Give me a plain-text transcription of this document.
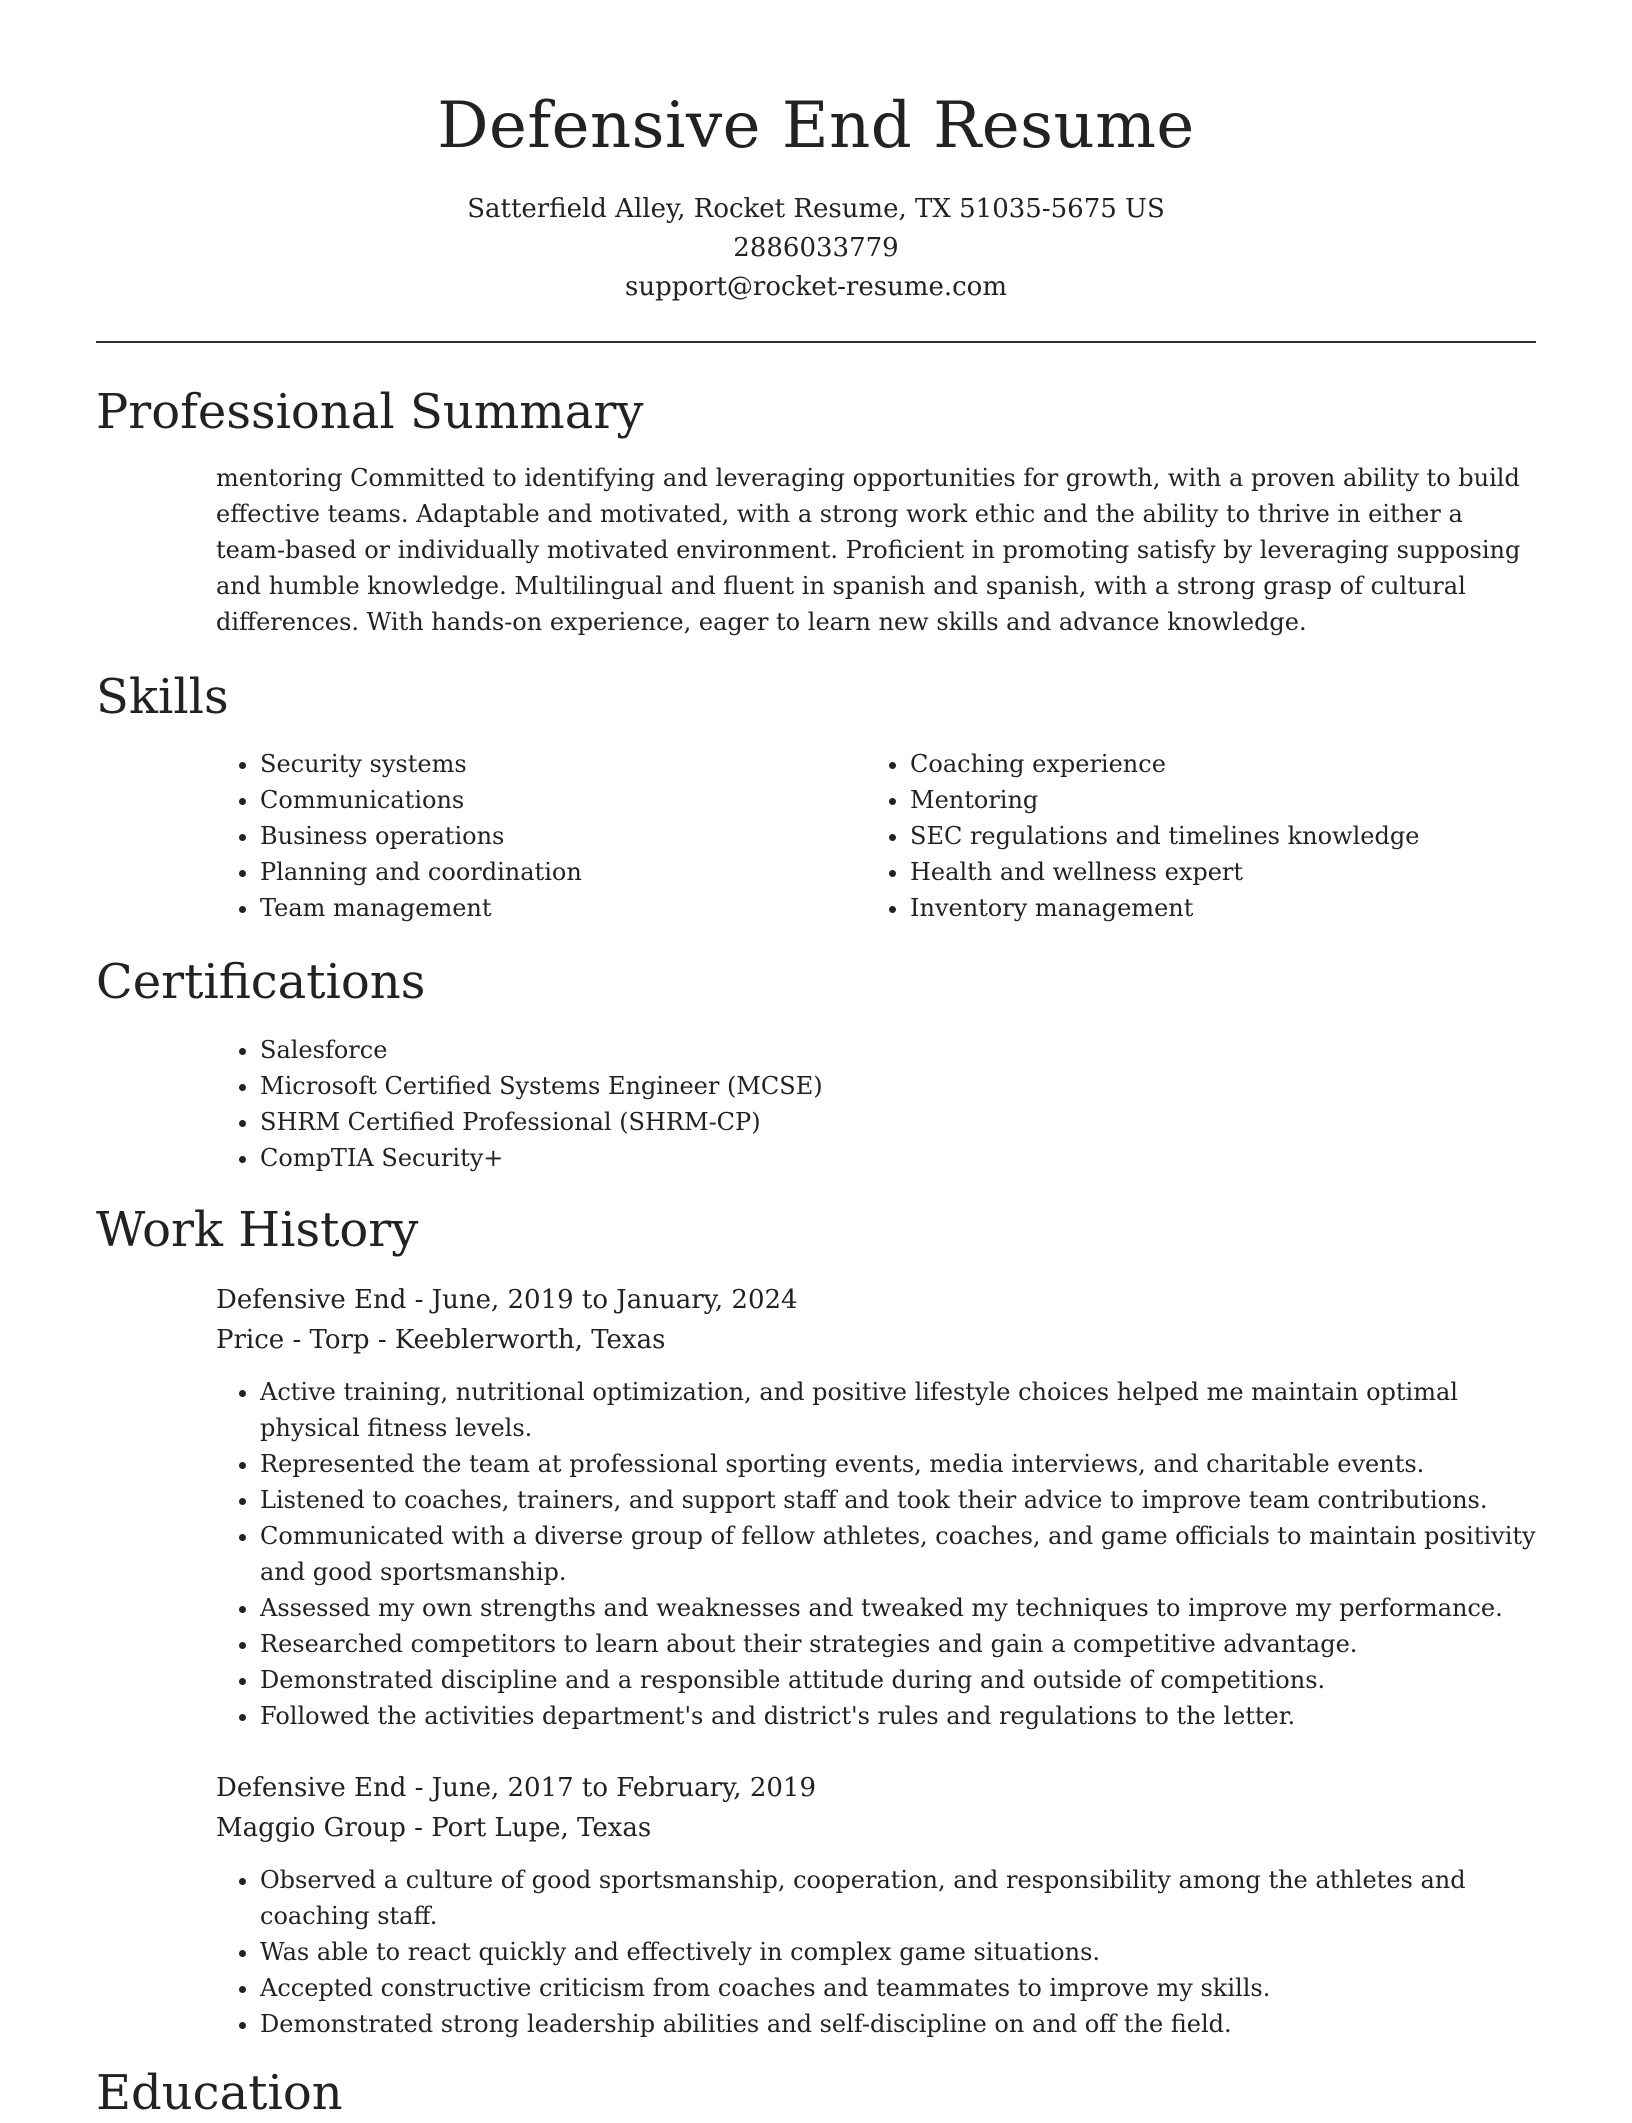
Defensive End Resume
Satterfield Alley, Rocket Resume, TX 51035-5675 US
2886033779
support@rocket-resume.com
Professional Summary

mentoring Committed to identifying and leveraging opportunities for growth, with a proven ability to build effective teams. Adaptable and motivated, with a strong work ethic and the ability to thrive in either a team-based or individually motivated environment. Proficient in promoting satisfy by leveraging supposing and humble knowledge. Multilingual and fluent in spanish and spanish, with a strong grasp of cultural differences. With hands-on experience, eager to learn new skills and advance knowledge.

Skills
• Security systems
• Communications
• Business operations
• Planning and coordination
• Team management
• Coaching experience
• Mentoring
• SEC regulations and timelines knowledge
• Health and wellness expert
• Inventory management
Certifications
• Salesforce
• Microsoft Certified Systems Engineer (MCSE)
• SHRM Certified Professional (SHRM-CP)
• CompTIA Security+
Work History
Defensive End - June, 2019 to January, 2024
Price - Torp - Keeblerworth, Texas
• Active training, nutritional optimization, and positive lifestyle choices helped me maintain optimal physical fitness levels.
• Represented the team at professional sporting events, media interviews, and charitable events.
• Listened to coaches, trainers, and support staff and took their advice to improve team contributions.
• Communicated with a diverse group of fellow athletes, coaches, and game officials to maintain positivity and good sportsmanship.
• Assessed my own strengths and weaknesses and tweaked my techniques to improve my performance.
• Researched competitors to learn about their strategies and gain a competitive advantage.
• Demonstrated discipline and a responsible attitude during and outside of competitions.
• Followed the activities department's and district's rules and regulations to the letter.
Defensive End - June, 2017 to February, 2019
Maggio Group - Port Lupe, Texas
• Observed a culture of good sportsmanship, cooperation, and responsibility among the athletes and coaching staff.
• Was able to react quickly and effectively in complex game situations.
• Accepted constructive criticism from coaches and teammates to improve my skills.
• Demonstrated strong leadership abilities and self-discipline on and off the field.
Education
